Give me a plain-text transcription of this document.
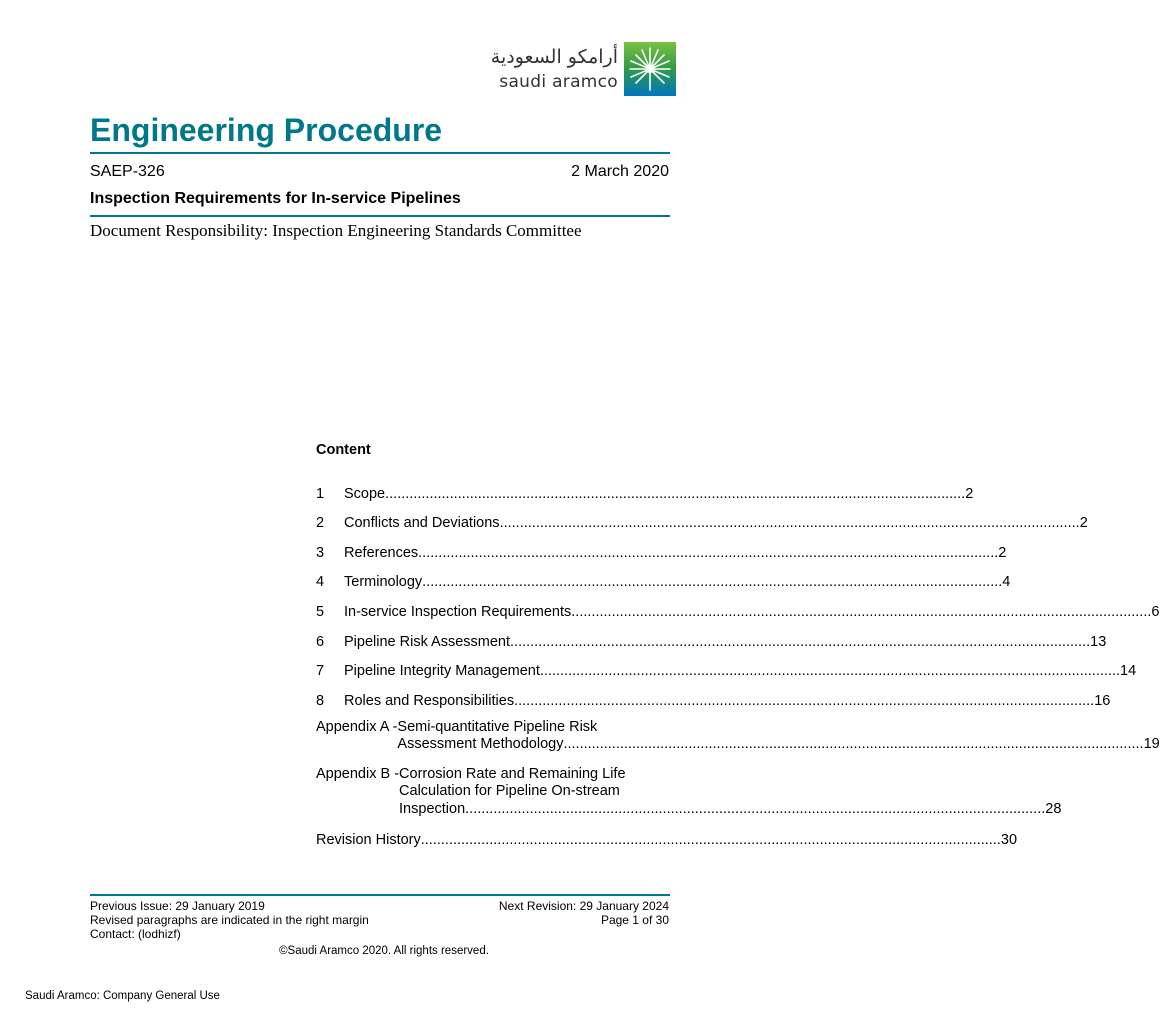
أرامكو السعودية
saudi aramco
Engineering Procedure
SAEP-326	2 March 2020
Inspection Requirements for In-service Pipelines
Document Responsibility: Inspection Engineering Standards Committee
Content
1	Scope .....	2
2	Conflicts and Deviations .....	2
3	References .....	2
4	Terminology .....	4
5	In-service Inspection Requirements .....	6
6	Pipeline Risk Assessment .....	13
7	Pipeline Integrity Management .....	14
8	Roles and Responsibilities .....	16
Appendix A - Semi-quantitative Pipeline Risk
Assessment Methodology .....	19
Appendix B - Corrosion Rate and Remaining Life
Calculation for Pipeline On-stream
Inspection .....	28
Revision History .....	30
Previous Issue: 29 January 2019
Revised paragraphs are indicated in the right margin
Contact: (lodhizf)
Next Revision: 29 January 2024
Page 1 of 30
©Saudi Aramco 2020. All rights reserved.
Saudi Aramco: Company General Use
